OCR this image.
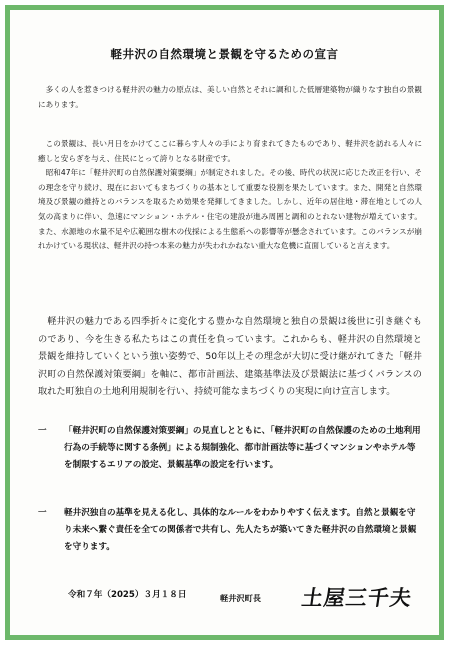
軽井沢の自然環境と景観を守るための宣言

多くの人を惹きつける軽井沢の魅力の原点は、美しい自然とそれに調和した低層建築物が織りなす独自の景観にあります。

この景観は、長い月日をかけてここに暮らす人々の手により育まれてきたものであり、軽井沢を訪れる人々に癒しと安らぎを与え、住民にとって誇りとなる財産です。

昭和47年に「軽井沢町の自然保護対策要綱」が制定されました。その後、時代の状況に応じた改正を行い、その理念を守り続け、現在においてもまちづくりの基本として重要な役割を果たしています。また、開発と自然環境及び景観の維持とのバランスを取るため効果を発揮してきました。しかし、近年の居住地・滞在地としての人気の高まりに伴い、急速にマンション・ホテル・住宅の建設が進み周囲と調和のとれない建物が増えています。また、水源地の水量不足や広範囲な樹木の伐採による生態系への影響等が懸念されています。このバランスが崩れかけている現状は、軽井沢の持つ本来の魅力が失われかねない重大な危機に直面していると言えます。

軽井沢の魅力である四季折々に変化する豊かな自然環境と独自の景観は後世に引き継ぐものであり、今を生きる私たちはこの責任を負っています。これからも、軽井沢の自然環境と景観を維持していくという強い姿勢で、50年以上その理念が大切に受け継がれてきた「軽井沢町の自然保護対策要綱」を軸に、都市計画法、建築基準法及び景観法に基づくバランスの取れた町独自の土地利用規制を行い、持続可能なまちづくりの実現に向け宣言します。

一	「軽井沢町の自然保護対策要綱」の見直しとともに、「軽井沢町の自然保護のための土地利用行為の手続等に関する条例」による規制強化、都市計画法等に基づくマンションやホテル等を制限するエリアの設定、景観基準の設定を行います。
一	軽井沢独自の基準を見える化し、具体的なルールをわかりやすく伝えます。自然と景観を守り未来へ繋ぐ責任を全ての関係者で共有し、先人たちが築いてきた軽井沢の自然環境と景観を守ります。
令和７年（2025）３月１８日	軽井沢町長 土屋三千夫
